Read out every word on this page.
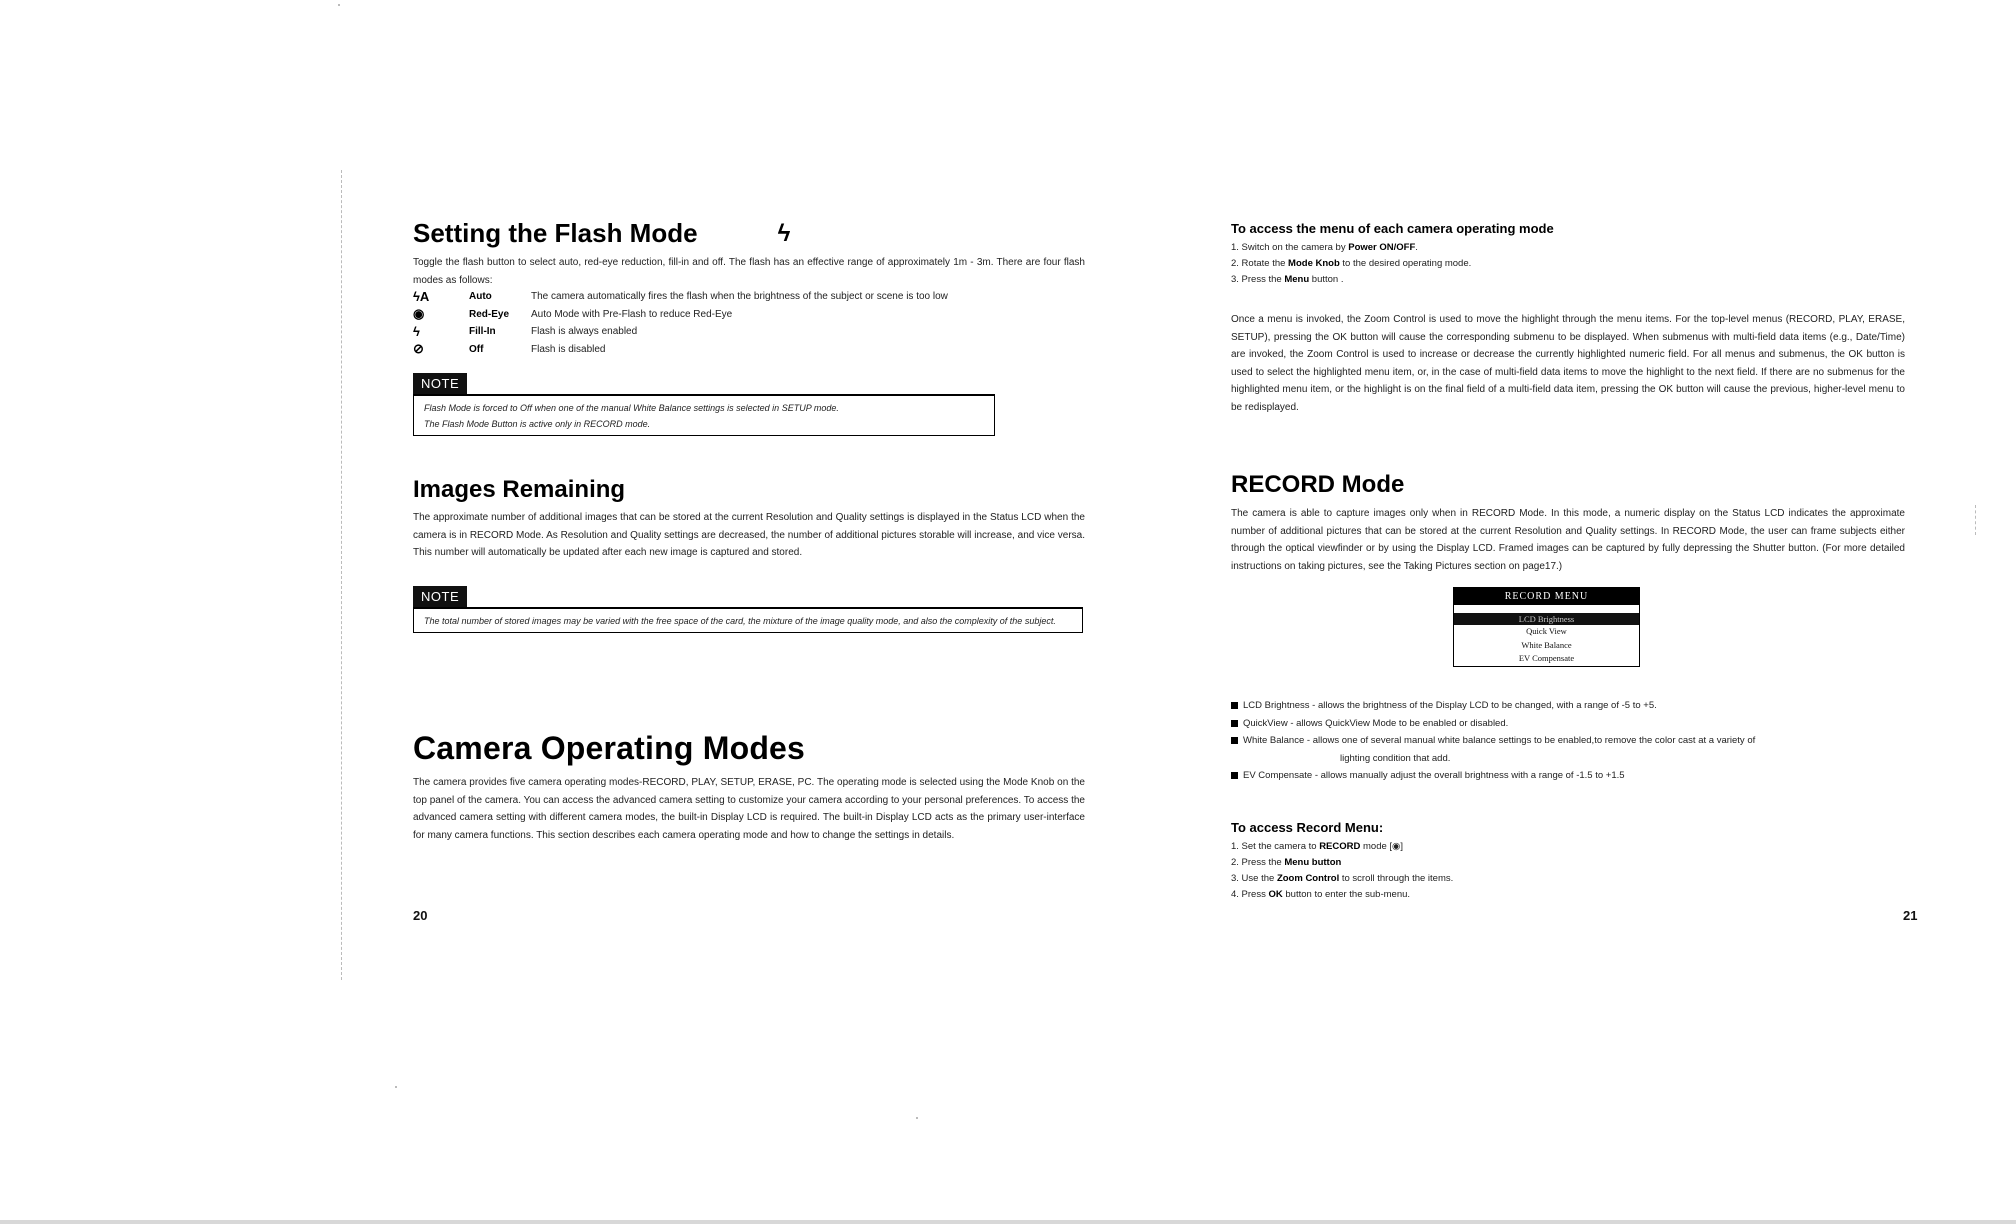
Setting the Flash Mode	ϟ

Toggle the flash button to select auto, red-eye reduction, fill-in and off. The flash has an effective range of approximately 1m - 3m. There are four flash modes as follows:

ϟA	Auto	The camera automatically fires the flash when the brightness of the subject or scene is too low
◉	Red-Eye	Auto Mode with Pre-Flash to reduce Red-Eye
ϟ	Fill-In	Flash is always enabled
⊘	Off	Flash is disabled
NOTE
Flash Mode is forced to Off when one of the manual White Balance settings is selected in SETUP mode.
The Flash Mode Button is active only in RECORD mode.
Images Remaining

The approximate number of additional images that can be stored at the current Resolution and Quality settings is displayed in the Status LCD when the camera is in RECORD Mode. As Resolution and Quality settings are decreased, the number of additional pictures storable will increase, and vice versa. This number will automatically be updated after each new image is captured and stored.

NOTE
The total number of stored images may be varied with the free space of the card, the mixture of the image quality mode, and also the complexity of the subject.
Camera Operating Modes

The camera provides five camera operating modes-RECORD, PLAY, SETUP, ERASE, PC. The operating mode is selected using the Mode Knob on the top panel of the camera. You can access the advanced camera setting to customize your camera according to your personal preferences. To access the advanced camera setting with different camera modes, the built-in Display LCD is required. The built-in Display LCD acts as the primary user-interface for many camera functions. This section describes each camera operating mode and how to change the settings in details.

20
To access the menu of each camera operating mode
1. Switch on the camera by Power ON/OFF.
2. Rotate the Mode Knob to the desired operating mode.
3. Press the Menu button .

Once a menu is invoked, the Zoom Control is used to move the highlight through the menu items. For the top-level menus (RECORD, PLAY, ERASE, SETUP), pressing the OK button will cause the corresponding submenu to be displayed. When submenus with multi-field data items (e.g., Date/Time) are invoked, the Zoom Control is used to increase or decrease the currently highlighted numeric field. For all menus and submenus, the OK button is used to select the highlighted menu item, or, in the case of multi-field data items to move the highlight to the next field. If there are no submenus for the highlighted menu item, or the highlight is on the final field of a multi-field data item, pressing the OK button will cause the previous, higher-level menu to be redisplayed.

RECORD Mode

The camera is able to capture images only when in RECORD Mode. In this mode, a numeric display on the Status LCD indicates the approximate number of additional pictures that can be stored at the current Resolution and Quality settings. In RECORD Mode, the user can frame subjects either through the optical viewfinder or by using the Display LCD. Framed images can be captured by fully depressing the Shutter button. (For more detailed instructions on taking pictures, see the Taking Pictures section on page17.)

RECORD MENU
LCD Brightness
Quick View
White Balance
EV Compensate
LCD Brightness - allows the brightness of the Display LCD to be changed, with a range of -5 to +5.
QuickView - allows QuickView Mode to be enabled or disabled.
White Balance - allows one of several manual white balance settings to be enabled,to remove the color cast at a variety of
lighting condition that add.
EV Compensate - allows manually adjust the overall brightness with a range of -1.5 to +1.5
To access Record Menu:
1. Set the camera to RECORD mode [◉]
2. Press the Menu button
3. Use the Zoom Control to scroll through the items.
4. Press OK button to enter the sub-menu.
21
